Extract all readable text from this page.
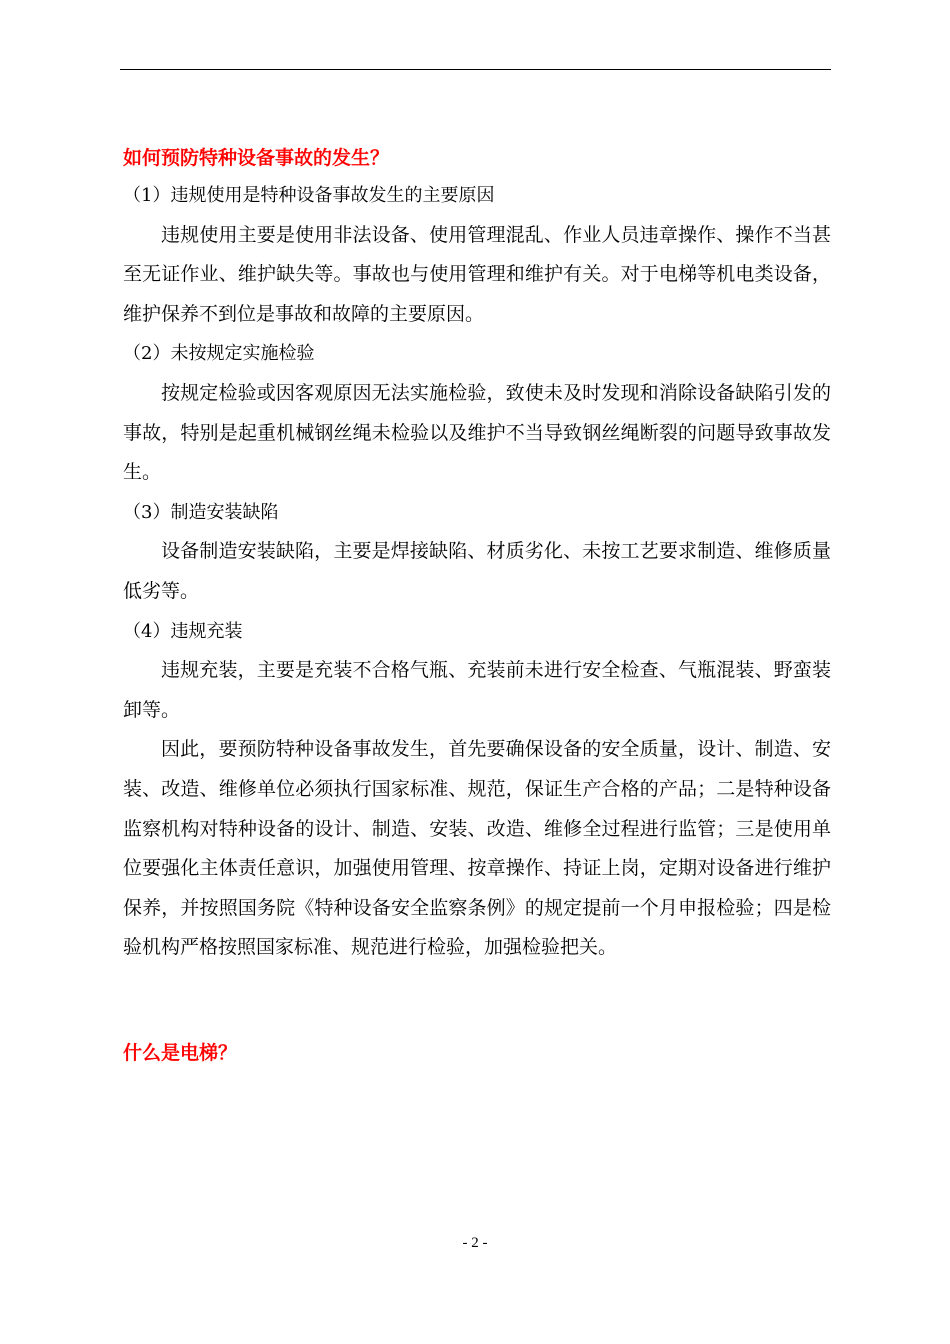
如何预防特种设备事故的发生？

（1）违规使用是特种设备事故发生的主要原因

违规使用主要是使用非法设备、使用管理混乱、作业人员违章操作、操作不当甚至无证作业、维护缺失等。事故也与使用管理和维护有关。对于电梯等机电类设备，维护保养不到位是事故和故障的主要原因。

（2）未按规定实施检验

按规定检验或因客观原因无法实施检验，致使未及时发现和消除设备缺陷引发的事故，特别是起重机械钢丝绳未检验以及维护不当导致钢丝绳断裂的问题导致事故发生。

（3）制造安装缺陷

设备制造安装缺陷，主要是焊接缺陷、材质劣化、未按工艺要求制造、维修质量低劣等。

（4）违规充装

违规充装，主要是充装不合格气瓶、充装前未进行安全检查、气瓶混装、野蛮装卸等。

因此，要预防特种设备事故发生，首先要确保设备的安全质量，设计、制造、安装、改造、维修单位必须执行国家标准、规范，保证生产合格的产品；二是特种设备监察机构对特种设备的设计、制造、安装、改造、维修全过程进行监管；三是使用单位要强化主体责任意识，加强使用管理、按章操作、持证上岗，定期对设备进行维护保养，并按照国务院《特种设备安全监察条例》的规定提前一个月申报检验；四是检验机构严格按照国家标准、规范进行检验，加强检验把关。

什么是电梯？
- 2 -
